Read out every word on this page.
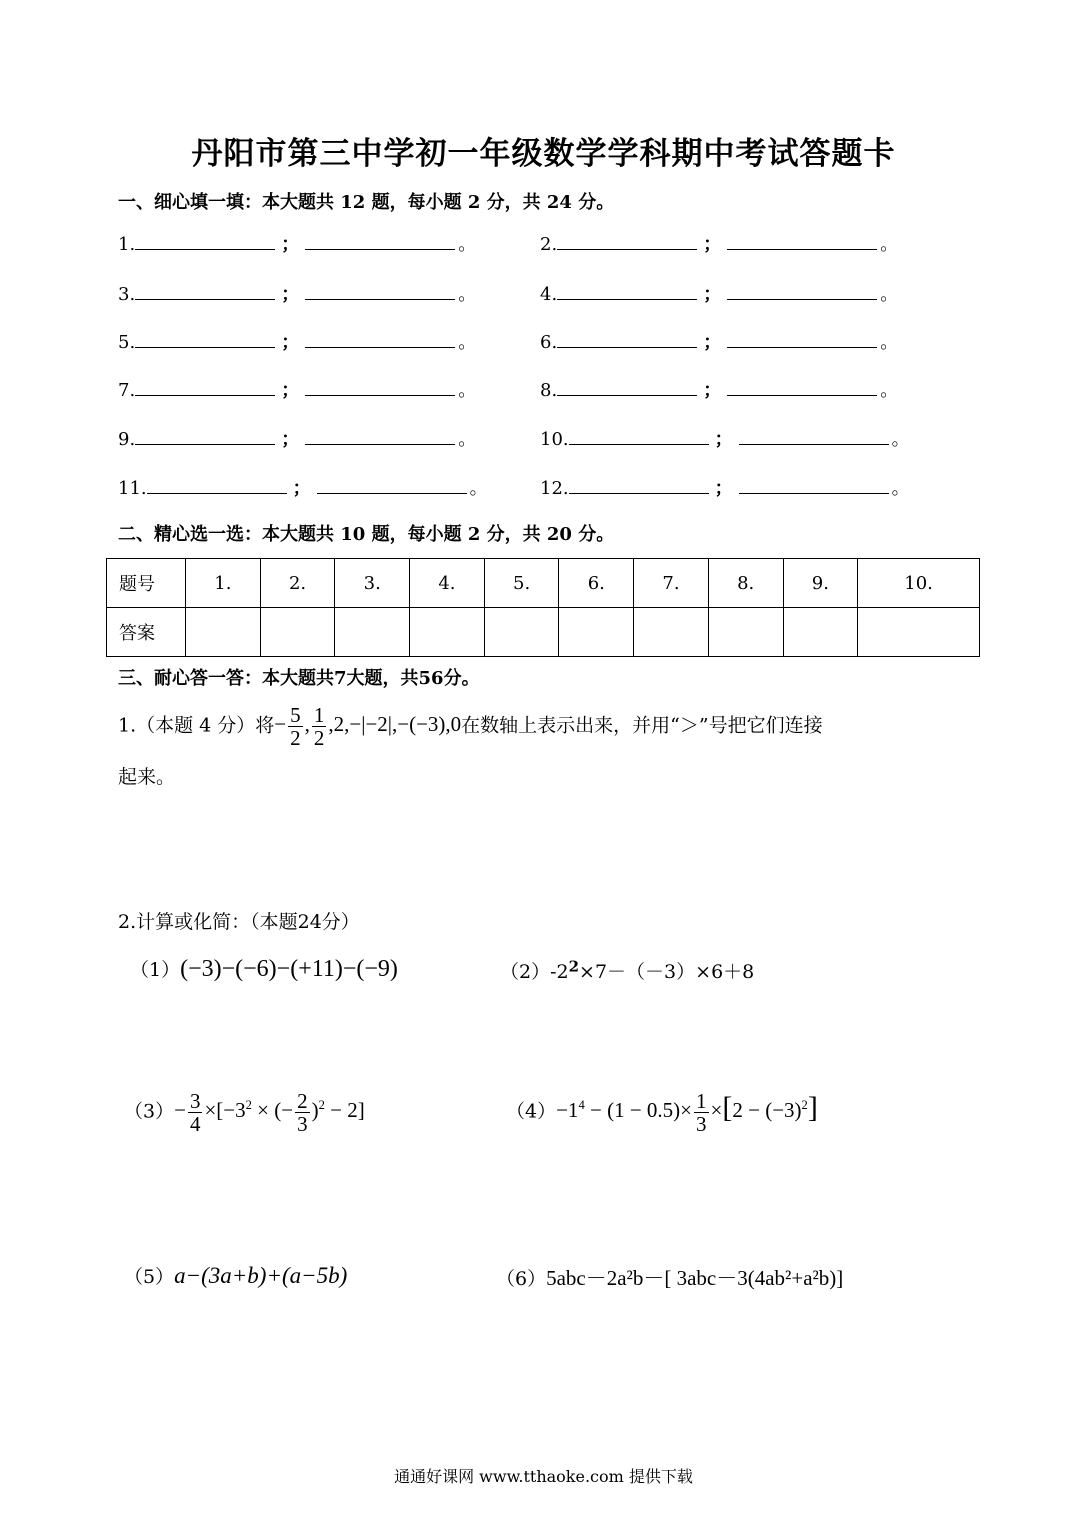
丹阳市第三中学初一年级数学学科期中考试答题卡
一、细心填一填：本大题共 12 题，每小题 2 分，共 24 分。
1.	；	。	2.	；	。
3.	；	。	4.	；	。
5.	；	。	6.	；	。
7.	；	。	8.	；	。
9.	；	。	10.	；	。
11.	；	。	12.	；	。
二、精心选一选：本大题共 10 题，每小题 2 分，共 20 分。
题号	1.	2.	3.	4.	5.	6.	7.	8.	9.	10.
答案										
三、耐心答一答：本大题共7大题，共56分。
1.（本题 4 分）将− $\frac{5}{2}$ , $\frac{1}{2} ,2,-|-2|,-(-3),0$在数轴上表示出来，并用“＞”号把它们连接
起来。
2.计算或化简：（本题24分）
（1）(−3)−(−6)−(+11)−(−9)	$(2)-2^2\times 7-(-3)\times 6+8$
$(3)- \frac{3}{4} \times[-3^2$ × (− $\frac{2}{3} )^2 - 2$]	$(4)-1^4 - (1 - 0.5)\times \frac{1}{3} \times[2 - (-3)^2]$
（5）a−(3a+b)+(a−5b)	（6）5abc－2a²b－[ 3abc－3(4ab²+a²b)]
通通好课网 www.tthaoke.com 提供下载
